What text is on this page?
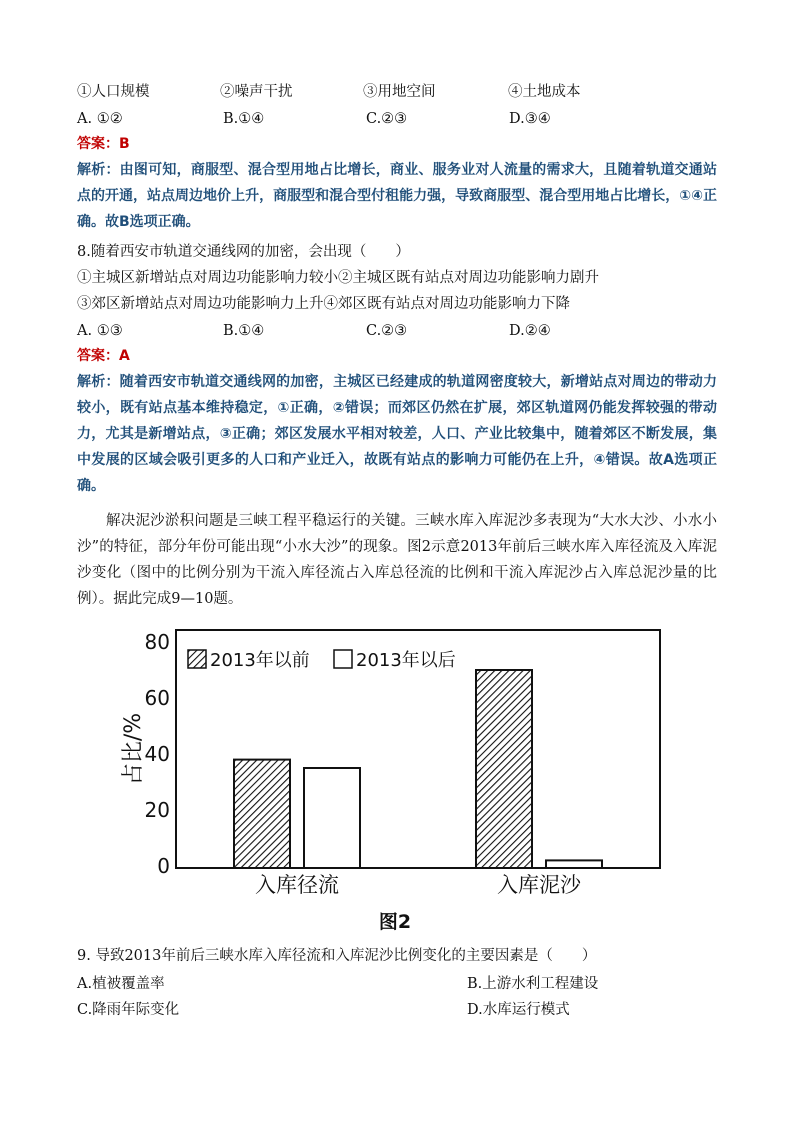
①人口规模	②噪声干扰	③用地空间	④土地成本
A. ①②	B.①④	C.②③	D.③④
答案：B
解析：由图可知，商服型、混合型用地占比增长，商业、服务业对人流量的需求大，且随着轨道交通站点的开通，站点周边地价上升，商服型和混合型付租能力强，导致商服型、混合型用地占比增长，①④正确。故B选项正确。
8.随着西安市轨道交通线网的加密，会出现（　　）
①主城区新增站点对周边功能影响力较小②主城区既有站点对周边功能影响力剧升
③郊区新增站点对周边功能影响力上升④郊区既有站点对周边功能影响力下降
A. ①③	B.①④	C.②③	D.②④
答案：A
解析：随着西安市轨道交通线网的加密，主城区已经建成的轨道网密度较大，新增站点对周边的带动力较小，既有站点基本维持稳定，①正确，②错误；而郊区仍然在扩展，郊区轨道网仍能发挥较强的带动力，尤其是新增站点，③正确；郊区发展水平相对较差，人口、产业比较集中，随着郊区不断发展，集中发展的区域会吸引更多的人口和产业迁入，故既有站点的影响力可能仍在上升，④错误。故A选项正确。
解决泥沙淤积问题是三峡工程平稳运行的关键。三峡水库入库泥沙多表现为“大水大沙、小水小沙”的特征，部分年份可能出现“小水大沙”的现象。图2示意2013年前后三峡水库入库径流及入库泥沙变化（图中的比例分别为干流入库径流占入库总径流的比例和干流入库泥沙占入库总泥沙量的比例）。据此完成9—10题。
占比/%
0
20
40
60
80
入库径流	入库泥沙
2013年以前	2013年以后
图2
9. 导致2013年前后三峡水库入库径流和入库泥沙比例变化的主要因素是（　　）
A.植被覆盖率	B.上游水利工程建设
C.降雨年际变化	D.水库运行模式
